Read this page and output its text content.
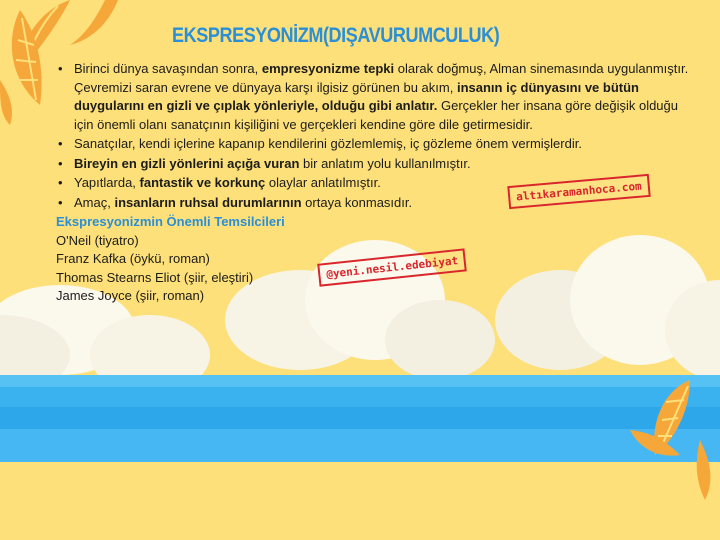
EKSPRESYONİZM(DIŞAVURUMCULUK)
• Birinci dünya savaşından sonra, empresyonizme tepki olarak doğmuş, Alman sinemasında uygulanmıştır. Çevremizi saran evrene ve dünyaya karşı ilgisiz görünen bu akım, insanın iç dünyasını ve bütün duygularını en gizli ve çıplak yönleriyle, olduğu gibi anlatır. Gerçekler her insana göre değişik olduğu için önemli olanı sanatçının kişiliğini ve gerçekleri kendine göre dile getirmesidir.
• Sanatçılar, kendi içlerine kapanıp kendilerini gözlemlemiş, iç gözleme önem vermişlerdir.
• Bireyin en gizli yönlerini açığa vuran bir anlatım yolu kullanılmıştır.
• Yapıtlarda, fantastik ve korkunç olaylar anlatılmıştır.
• Amaç, insanların ruhsal durumlarının ortaya konmasıdır.
Ekspresyonizmin Önemli Temsilcileri

O'Neil (tiyatro)

Franz Kafka (öykü, roman)

Thomas Stearns Eliot (şiir, eleştiri)

James Joyce (şiir, roman)

altıkaramanhoca.com
@yeni.nesil.edebiyat
